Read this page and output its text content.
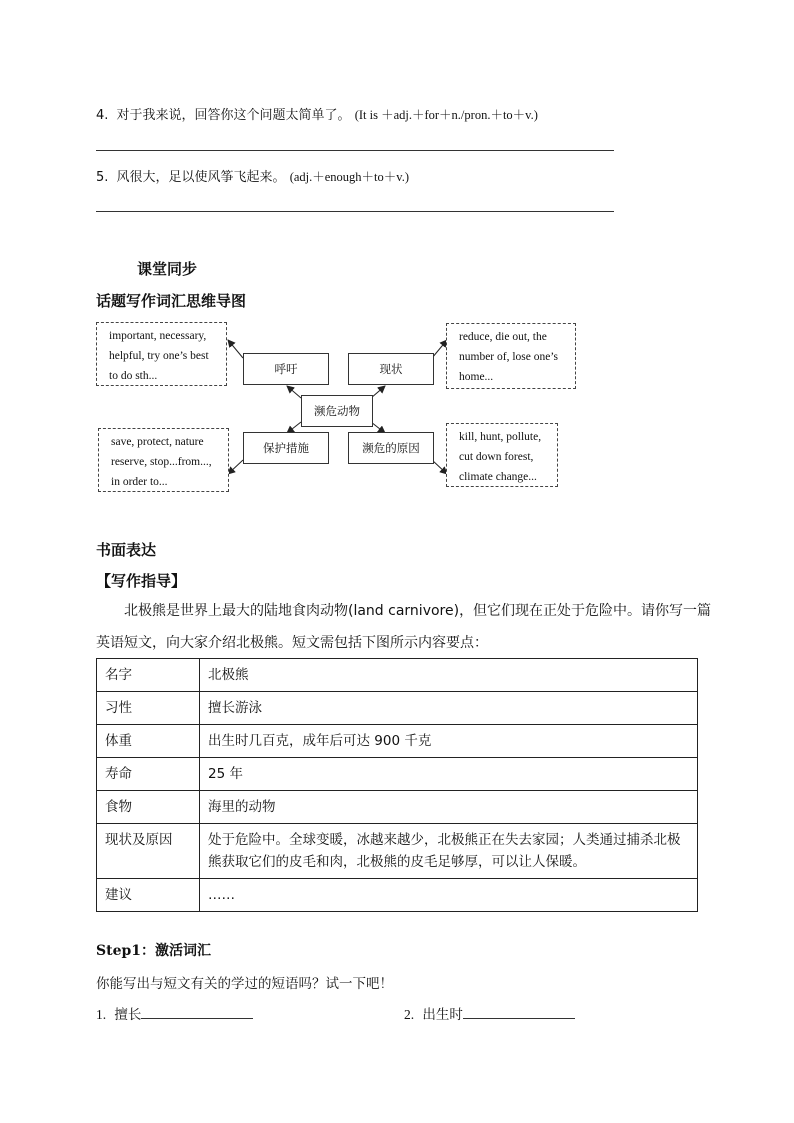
4. 对于我来说，回答你这个问题太简单了。 (It is ＋adj.＋for＋n./pron.＋to＋v.)
5. 风很大，足以使风筝飞起来。 (adj.＋enough＋to＋v.)
课堂同步
话题写作词汇思维导图
important, necessary,
helpful, try one’s best
to do sth...
reduce, die out, the
number of, lose one’s
home...
save, protect, nature
reserve, stop...from...,
in order to...
kill, hunt, pollute,
cut down forest,
climate change...
呼吁	现状
濒危动物
保护措施	濒危的原因
书面表达
【写作指导】
北极熊是世界上最大的陆地食肉动物(land carnivore)，但它们现在正处于危险中。请你写一篇
英语短文，向大家介绍北极熊。短文需包括下图所示内容要点：
名字	北极熊
习性	擅长游泳
体重	出生时几百克，成年后可达 900 千克
寿命	25 年
食物	海里的动物
现状及原因	处于危险中。全球变暖，冰越来越少，北极熊正在失去家园；人类通过捕杀北极熊获取它们的皮毛和肉，北极熊的皮毛足够厚，可以让人保暖。
建议	……
Step1：激活词汇
你能写出与短文有关的学过的短语吗？试一下吧！
1. 擅长	2. 出生时
